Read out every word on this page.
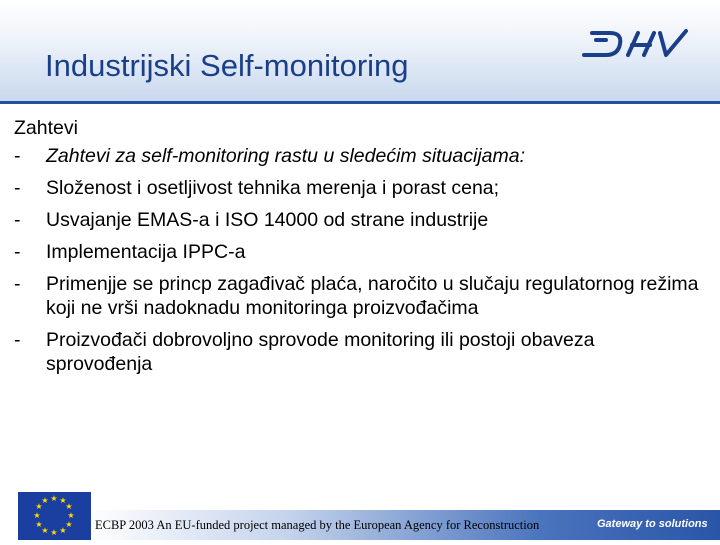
Industrijski Self-monitoring
Zahtevi
-	Zahtevi za self-monitoring rastu u sledećim situacijama:
-	Složenost i osetljivost tehnika merenja i porast cena;
-	Usvajanje EMAS-a i ISO 14000 od strane industrije
-	Implementacija IPPC-a
-	Primenjje se princp zagađivač plaća, naročito u slučaju regulatornog režima koji ne vrši nadoknadu monitoringa proizvođačima
-	Proizvođači dobrovoljno sprovode monitoring ili postoji obaveza sprovođenja
★ ★
★
★
★
★
★
★
★
★
★
★
ECBP 2003 An EU-funded project managed by the European Agency for Reconstruction	Gateway to solutions
